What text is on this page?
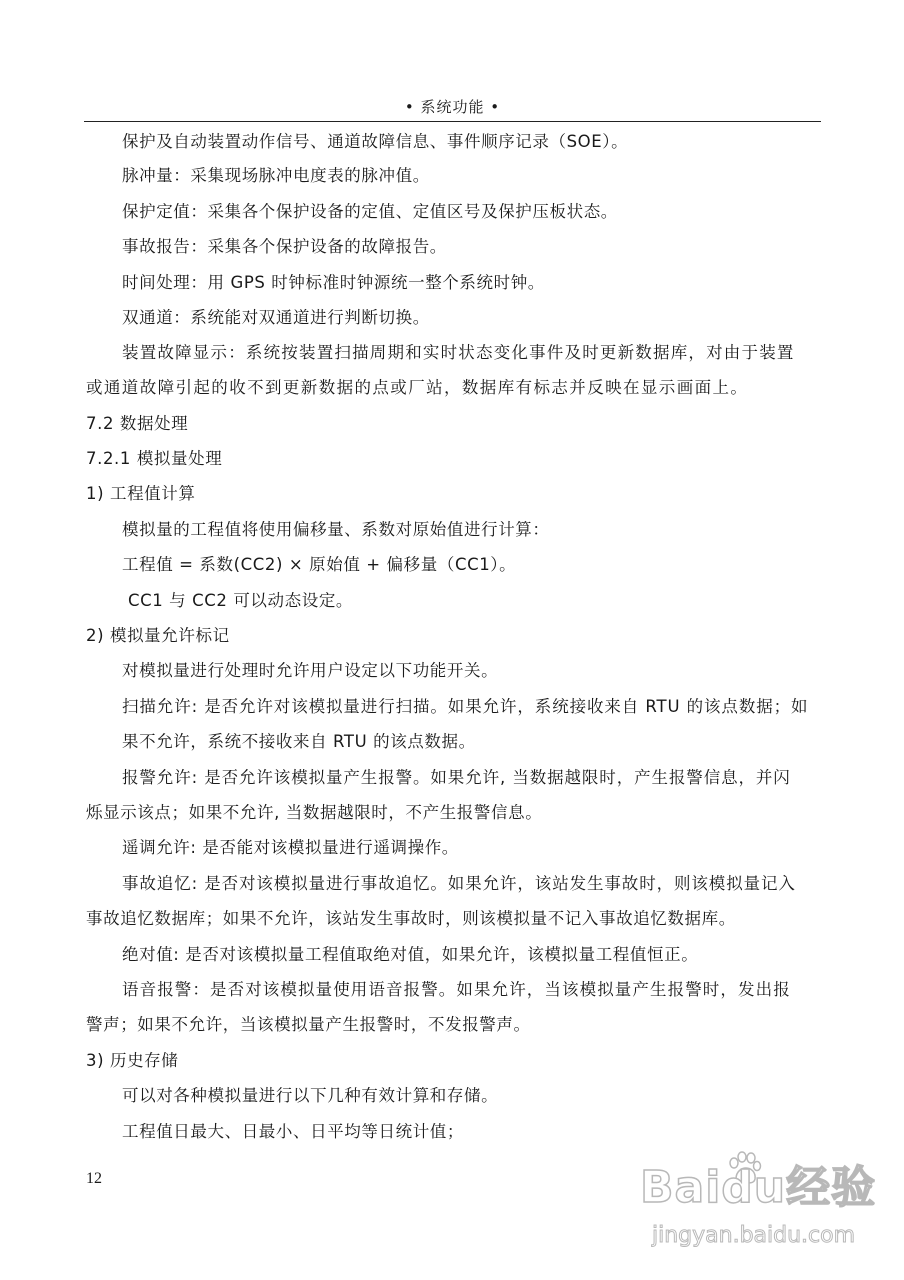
• 系统功能 •
保护及自动装置动作信号、通道故障信息、事件顺序记录（SOE）。
脉冲量：采集现场脉冲电度表的脉冲值。
保护定值：采集各个保护设备的定值、定值区号及保护压板状态。
事故报告：采集各个保护设备的故障报告。
时间处理：用 GPS 时钟标准时钟源统一整个系统时钟。
双通道：系统能对双通道进行判断切换。
装置故障显示：系统按装置扫描周期和实时状态变化事件及时更新数据库，对由于装置
或通道故障引起的收不到更新数据的点或厂站，数据库有标志并反映在显示画面上。
7.2 数据处理
7.2.1 模拟量处理
1) 工程值计算
模拟量的工程值将使用偏移量、系数对原始值进行计算：
工程值 = 系数(CC2) × 原始值 + 偏移量（CC1）。
CC1 与 CC2 可以动态设定。
2) 模拟量允许标记
对模拟量进行处理时允许用户设定以下功能开关。
扫描允许: 是否允许对该模拟量进行扫描。如果允许，系统接收来自 RTU 的该点数据；如
果不允许，系统不接收来自 RTU 的该点数据。
报警允许: 是否允许该模拟量产生报警。如果允许, 当数据越限时，产生报警信息，并闪
烁显示该点；如果不允许, 当数据越限时，不产生报警信息。
遥调允许: 是否能对该模拟量进行遥调操作。
事故追忆: 是否对该模拟量进行事故追忆。如果允许，该站发生事故时，则该模拟量记入
事故追忆数据库；如果不允许，该站发生事故时，则该模拟量不记入事故追忆数据库。
绝对值: 是否对该模拟量工程值取绝对值，如果允许，该模拟量工程值恒正。
语音报警：是否对该模拟量使用语音报警。如果允许，当该模拟量产生报警时，发出报
警声；如果不允许，当该模拟量产生报警时，不发报警声。
3) 历史存储
可以对各种模拟量进行以下几种有效计算和存储。
工程值日最大、日最小、日平均等日统计值；
12	Baidu经验
jingyan.baidu.com
